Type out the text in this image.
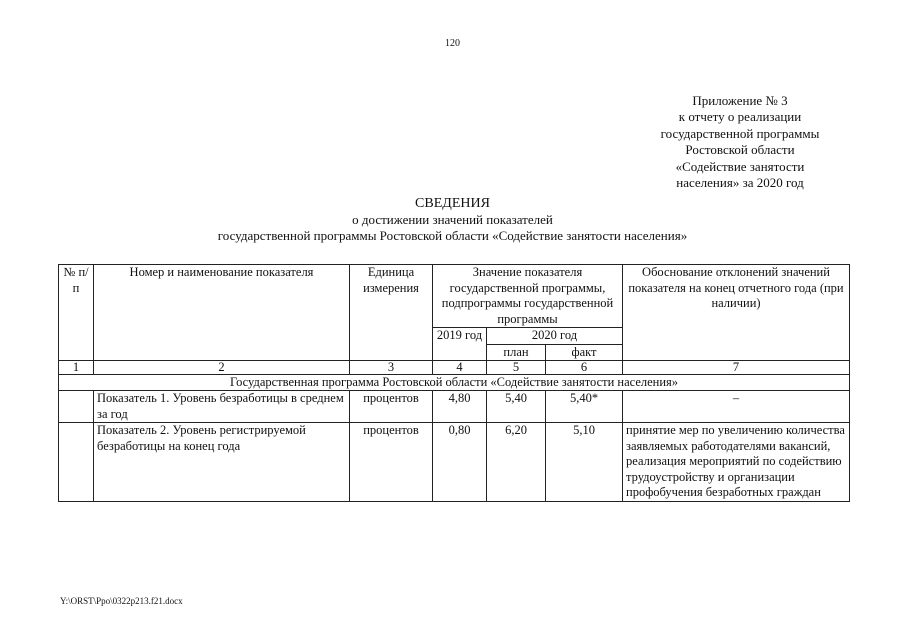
120
Приложение № 3
к отчету о реализации
государственной программы
Ростовской области
«Содействие занятости
населения» за 2020 год
СВЕДЕНИЯ
о достижении значений показателей
государственной программы Ростовской области «Содействие занятости населения»
№ п/п	Номер и наименование показателя	Единица измерения	Значение показателя государственной программы, подпрограммы государственной программы			Обоснование отклонений значений показателя на конец отчетного года (при наличии)
			2019 год	2020 год		
				план	факт	
1	2	3	4	5	6	7
Государственная программа Ростовской области «Содействие занятости населения»						
	Показатель 1. Уровень безработицы в среднем за год	процентов	4,80	5,40	5,40*	–
	Показатель 2. Уровень регистрируемой безработицы на конец года	процентов	0,80	6,20	5,10	принятие мер по увеличению количества заявляемых работодателями вакансий, реализация мероприятий по содействию трудоустройству и организации профобучения безработных граждан
Y:\ORST\Ppo\0322p213.f21.docx
